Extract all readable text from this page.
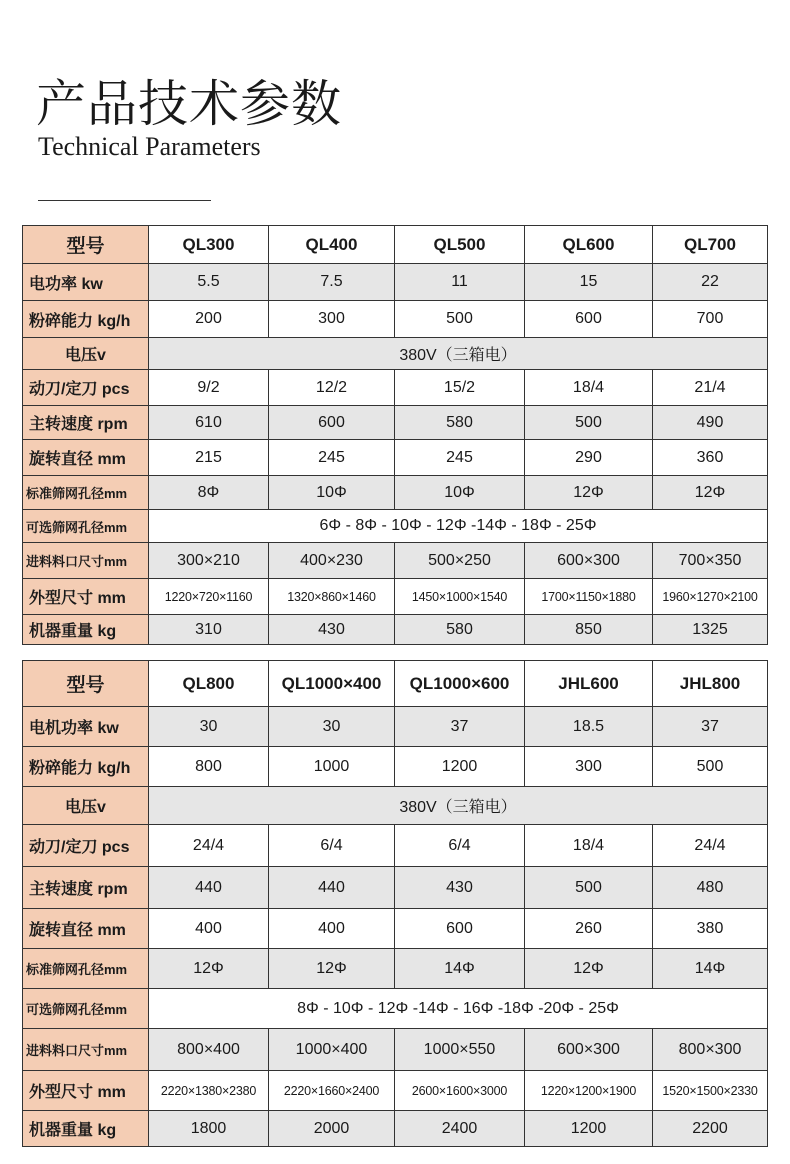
产品技术参数
Technical Parameters
型号	QL300	QL400	QL500	QL600	QL700
电功率 kw	5.5	7.5	11	15	22
粉碎能力 kg/h	200	300	500	600	700
电压v	380V（三箱电）				
动刀/定刀 pcs	9/2	12/2	15/2	18/4	21/4
主转速度 rpm	610	600	580	500	490
旋转直径 mm	215	245	245	290	360
标准筛网孔径mm	8Φ	10Φ	10Φ	12Φ	12Φ
可选筛网孔径mm	6Φ - 8Φ - 10Φ - 12Φ -14Φ - 18Φ - 25Φ				
进料料口尺寸mm	300×210	400×230	500×250	600×300	700×350
外型尺寸 mm	1220×720×1160	1320×860×1460	1450×1000×1540	1700×1150×1880	1960×1270×2100
机器重量 kg	310	430	580	850	1325
型号	QL800	QL1000×400	QL1000×600	JHL600	JHL800
电机功率 kw	30	30	37	18.5	37
粉碎能力 kg/h	800	1000	1200	300	500
电压v	380V（三箱电）				
动刀/定刀 pcs	24/4	6/4	6/4	18/4	24/4
主转速度 rpm	440	440	430	500	480
旋转直径 mm	400	400	600	260	380
标准筛网孔径mm	12Φ	12Φ	14Φ	12Φ	14Φ
可选筛网孔径mm	8Φ - 10Φ - 12Φ -14Φ - 16Φ -18Φ -20Φ - 25Φ				
进料料口尺寸mm	800×400	1000×400	1000×550	600×300	800×300
外型尺寸 mm	2220×1380×2380	2220×1660×2400	2600×1600×3000	1220×1200×1900	1520×1500×2330
机器重量 kg	1800	2000	2400	1200	2200
